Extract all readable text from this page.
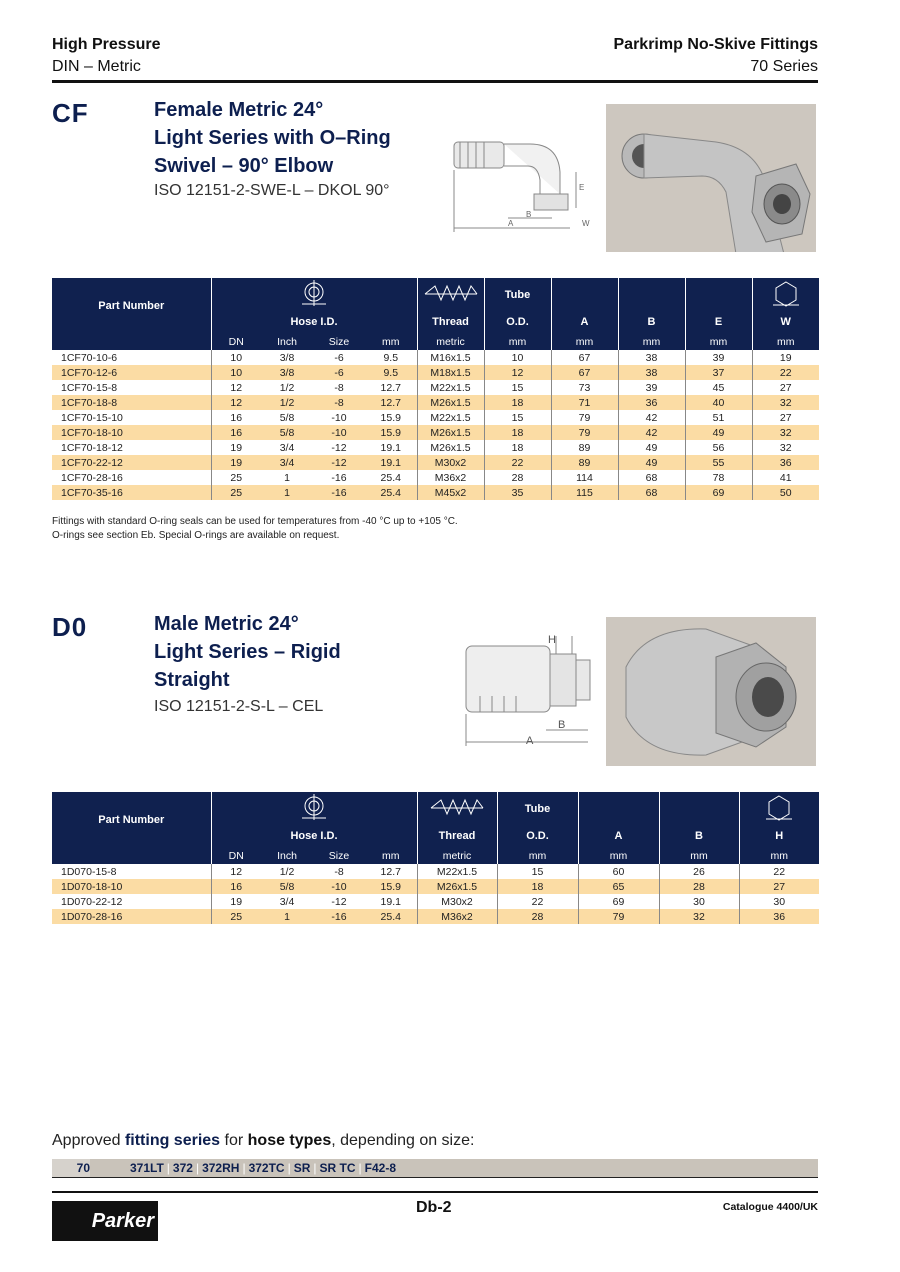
High Pressure
DIN – Metric
Parkrimp No-Skive Fittings
70 Series
CF	Female Metric 24°
Light Series with O–Ring
Swivel – 90° Elbow
ISO 12151-2-SWE-L – DKOL 90°
A
B
E
W
Part Number						Tube				
	Hose I.D.				Thread	O.D.	A	B	E	W
	DN	Inch	Size	mm	metric	mm	mm	mm	mm	mm
1CF70-10-6	10	3/8	-6	9.5	M16x1.5	10	67	38	39	19
1CF70-12-6	10	3/8	-6	9.5	M18x1.5	12	67	38	37	22
1CF70-15-8	12	1/2	-8	12.7	M22x1.5	15	73	39	45	27
1CF70-18-8	12	1/2	-8	12.7	M26x1.5	18	71	36	40	32
1CF70-15-10	16	5/8	-10	15.9	M22x1.5	15	79	42	51	27
1CF70-18-10	16	5/8	-10	15.9	M26x1.5	18	79	42	49	32
1CF70-18-12	19	3/4	-12	19.1	M26x1.5	18	89	49	56	32
1CF70-22-12	19	3/4	-12	19.1	M30x2	22	89	49	55	36
1CF70-28-16	25	1	-16	25.4	M36x2	28	114	68	78	41
1CF70-35-16	25	1	-16	25.4	M45x2	35	115	68	69	50
Fittings with standard O-ring seals can be used for temperatures from -40 °C up to +105 °C.
O-rings see section Eb. Special O-rings are available on request.
D0	Male Metric 24°
Light Series – Rigid
Straight
ISO 12151-2-S-L – CEL
A
B
H
Part Number						Tube			
	Hose I.D.				Thread	O.D.	A	B	H
	DN	Inch	Size	mm	metric	mm	mm	mm	mm
1D070-15-8	12	1/2	-8	12.7	M22x1.5	15	60	26	22
1D070-18-10	16	5/8	-10	15.9	M26x1.5	18	65	28	27
1D070-22-12	19	3/4	-12	19.1	M30x2	22	69	30	30
1D070-28-16	25	1	-16	25.4	M36x2	28	79	32	36
Approved fitting series for hose types, depending on size:
70	371LT | 372 | 372RH | 372TC | SR | SR TC | F42-8
Parker
Db-2	Catalogue 4400/UK
